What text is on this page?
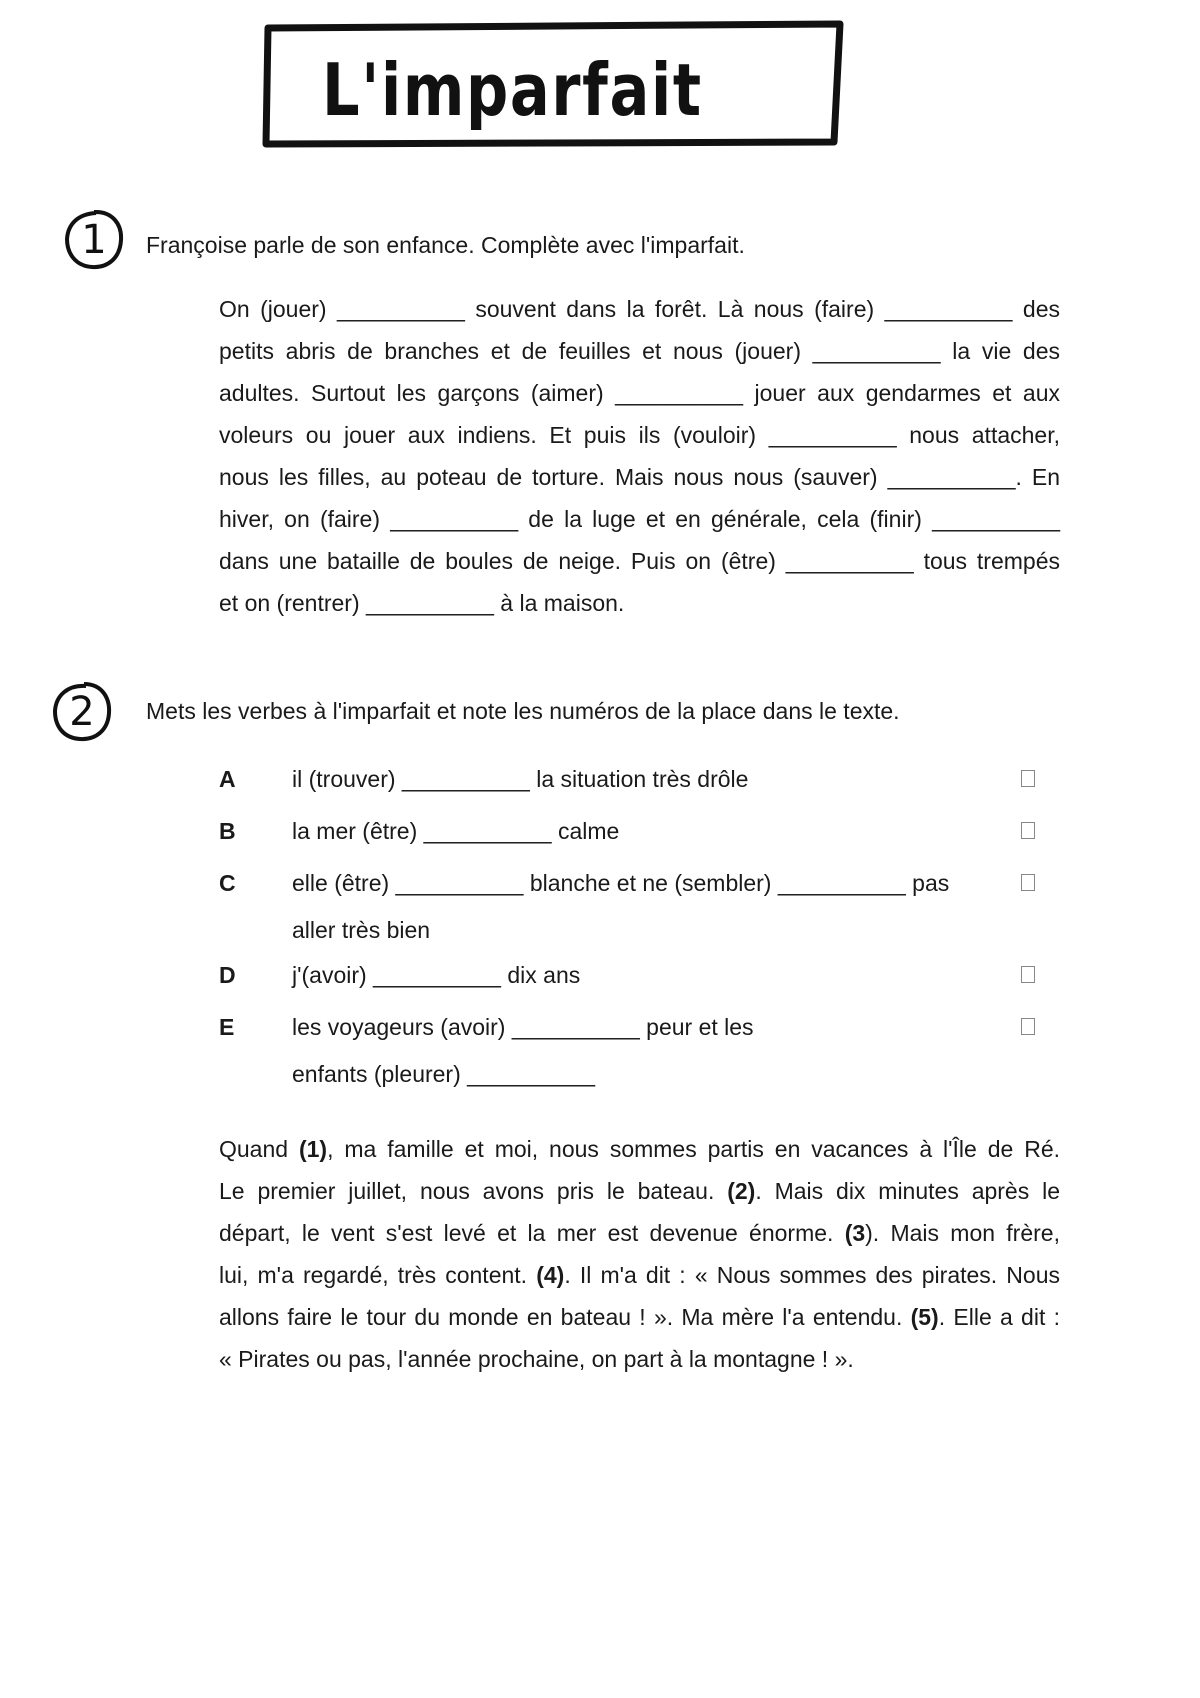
L'imparfait
1	Françoise parle de son enfance. Complète avec l'imparfait.
On (jouer) __________ souvent dans la forêt. Là nous (faire) __________ des
petits abris de branches et de feuilles et nous (jouer) __________ la vie des
adultes. Surtout les garçons (aimer) __________ jouer aux gendarmes et aux
voleurs ou jouer aux indiens. Et puis ils (vouloir) __________ nous attacher,
nous les filles, au poteau de torture. Mais nous nous (sauver) __________. En
hiver, on (faire) __________ de la luge et en générale, cela (finir) __________
dans une bataille de boules de neige. Puis on (être) __________ tous trempés
et on (rentrer) __________ à la maison.
2	Mets les verbes à l'imparfait et note les numéros de la place dans le texte.
A il (trouver) __________ la situation très drôle
B la mer (être) __________ calme
C elle (être) __________ blanche et ne (sembler) __________ pas
aller très bien
D j'(avoir) __________ dix ans
E	les voyageurs (avoir) __________ peur et les
enfants (pleurer) __________
Quand (1), ma famille et moi, nous sommes partis en vacances à l'Île de Ré.
Le premier juillet, nous avons pris le bateau. (2). Mais dix minutes après le
départ, le vent s'est levé et la mer est devenue énorme. (3). Mais mon frère,
lui, m'a regardé, très content. (4). Il m'a dit : « Nous sommes des pirates. Nous
allons faire le tour du monde en bateau ! ». Ma mère l'a entendu. (5). Elle a dit :
« Pirates ou pas, l'année prochaine, on part à la montagne ! ».
